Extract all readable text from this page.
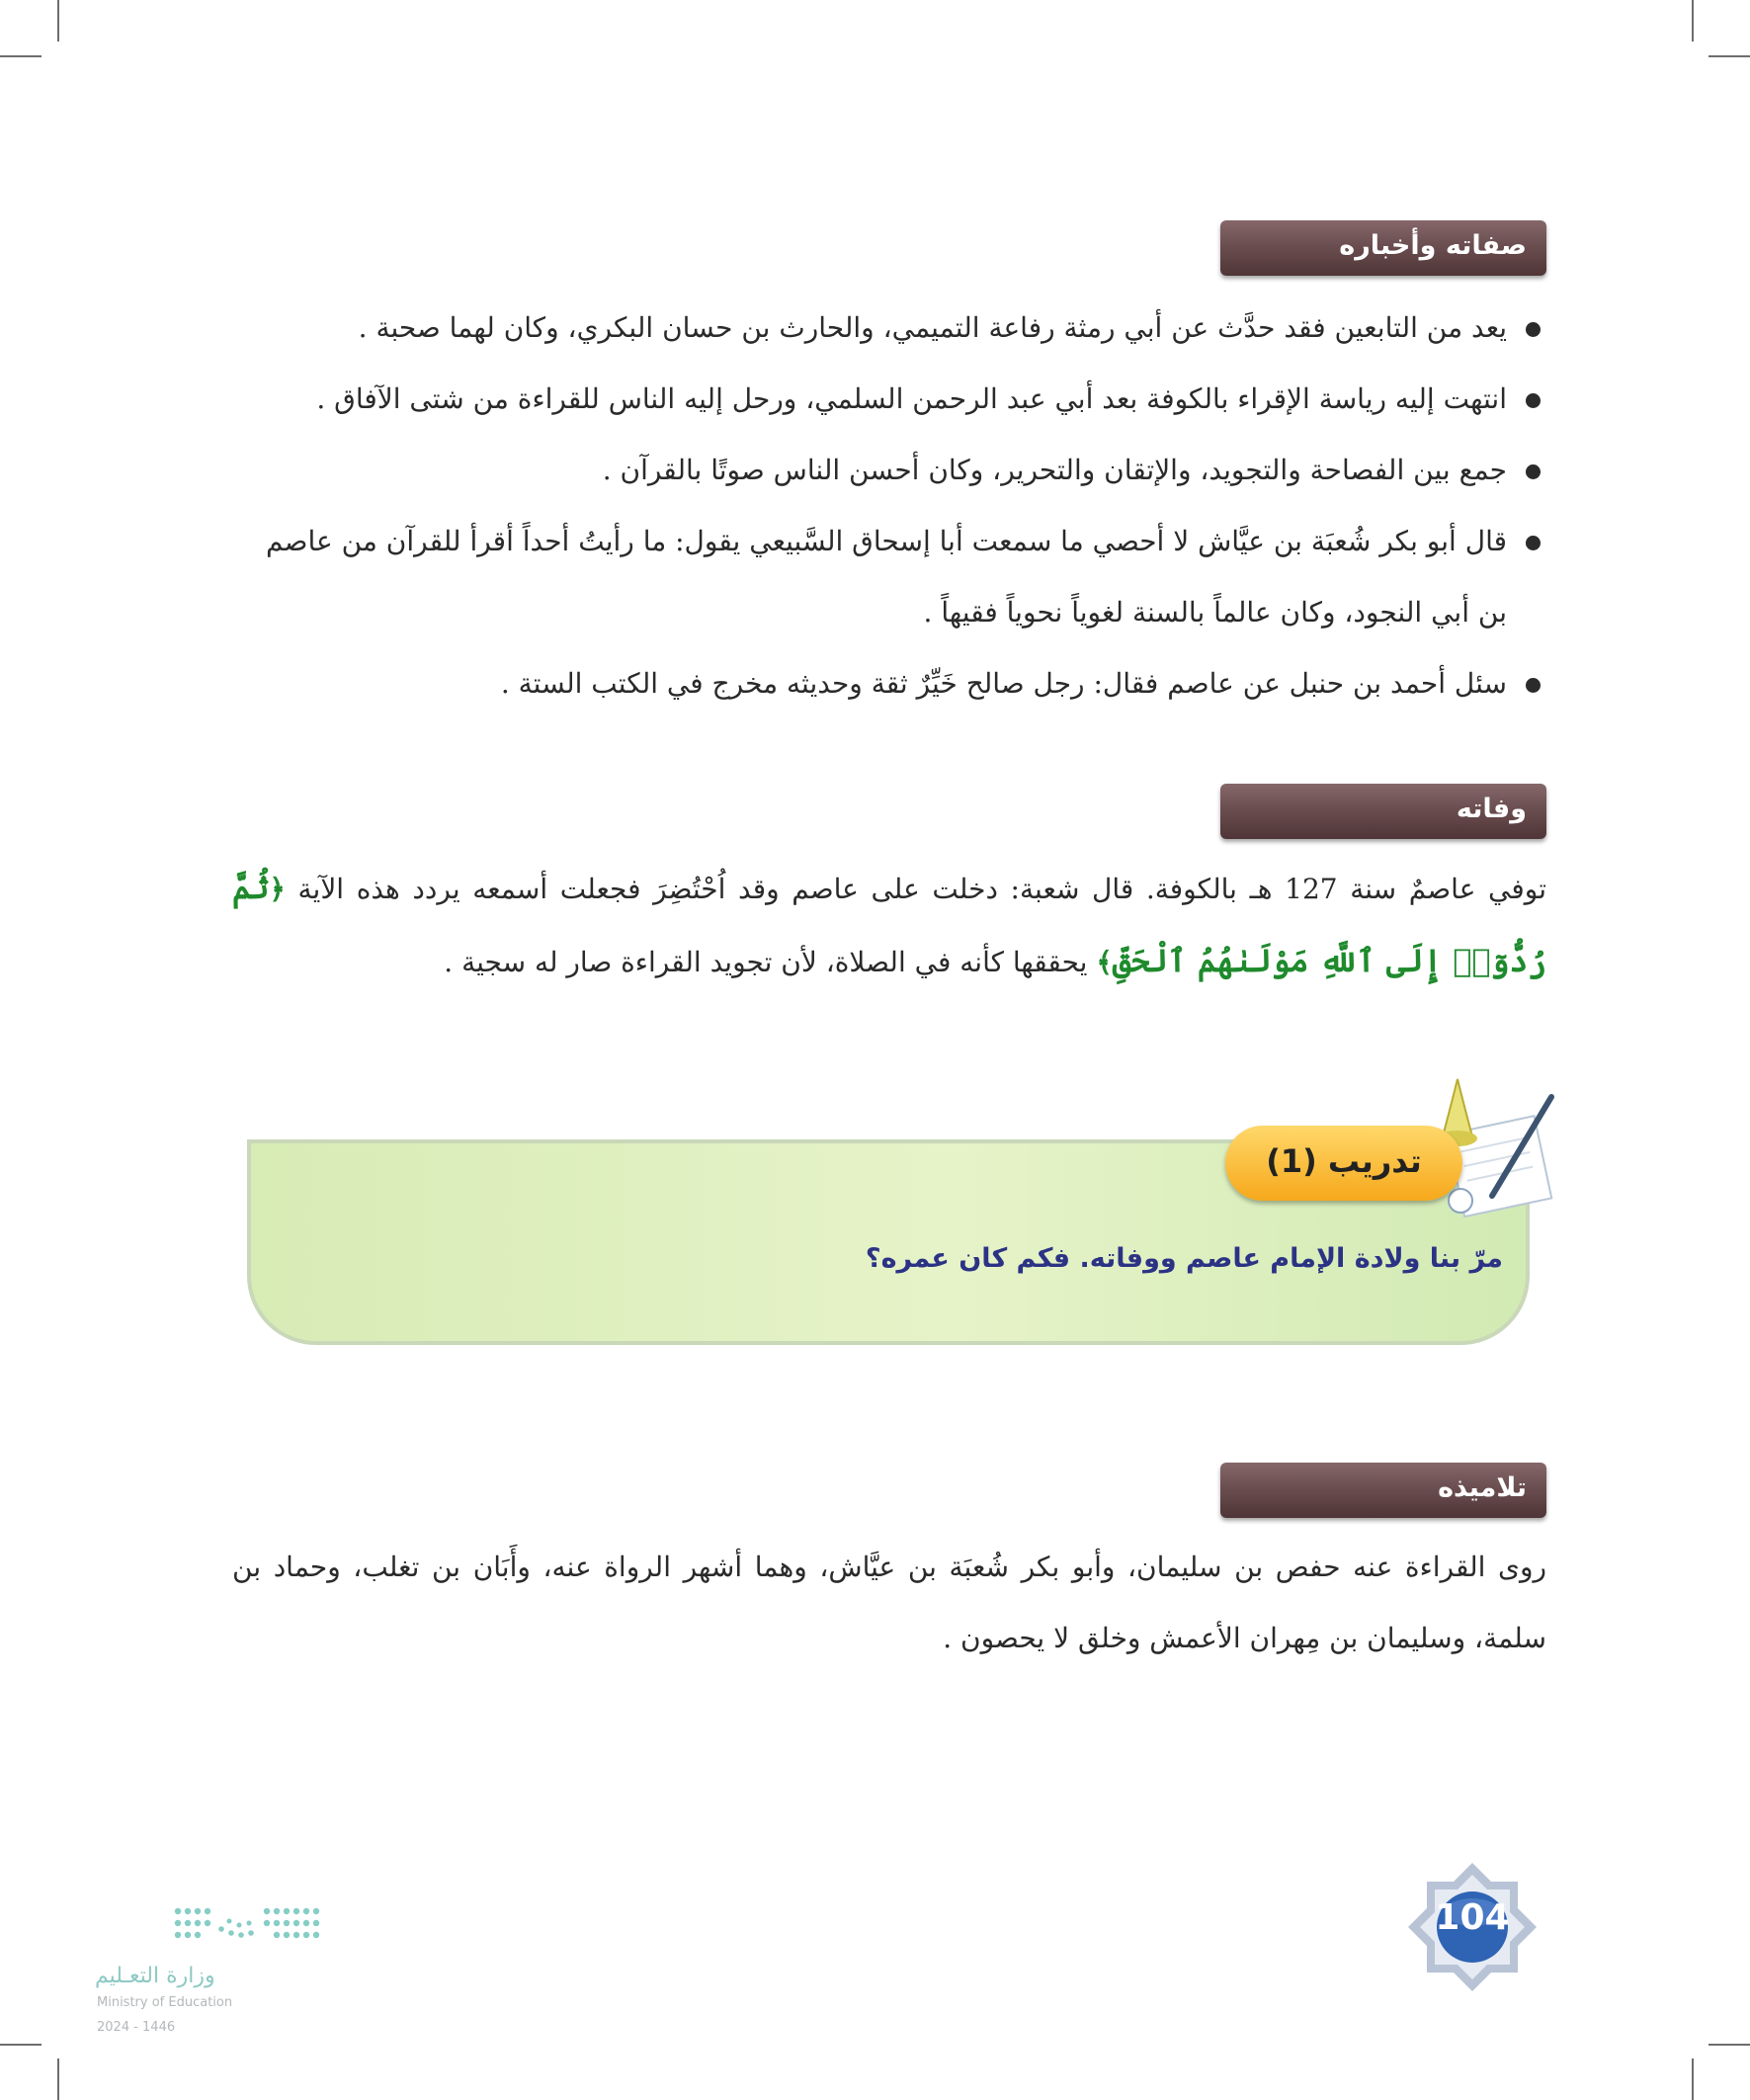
صفاته وأخباره
يعد من التابعين فقد حدَّث عن أبي رمثة رفاعة التميمي، والحارث بن حسان البكري، وكان لهما صحبة .
انتهت إليه رياسة الإقراء بالكوفة بعد أبي عبد الرحمن السلمي، ورحل إليه الناس للقراءة من شتى الآفاق .
جمع بين الفصاحة والتجويد، والإتقان والتحرير، وكان أحسن الناس صوتًا بالقرآن .
قال أبو بكر شُعبَة بن عيَّاش لا أحصي ما سمعت أبا إسحاق السَّبيعي يقول: ما رأيتُ أحداً أقرأ للقرآن من عاصم بن أبي النجود، وكان عالماً بالسنة لغوياً نحوياً فقيهاً .
سئل أحمد بن حنبل عن عاصم فقال: رجل صالح خَيِّرٌ ثقة وحديثه مخرج في الكتب الستة .
وفاته

توفي عاصمٌ سنة 127 هـ بالكوفة. قال شعبة: دخلت على عاصم وقد اُحْتُضِرَ فجعلت أسمعه يردد هذه الآية ﴿ثُمَّ رُدُّوٓا۟ إِلَى ٱللَّهِ مَوْلَىٰهُمُ ٱلْحَقِّ﴾ يحققها كأنه في الصلاة، لأن تجويد القراءة صار له سجية .

تدريب (1)
مرّ بنا ولادة الإمام عاصم ووفاته. فكم كان عمره؟
تلاميذه

روى القراءة عنه حفص بن سليمان، وأبو بكر شُعبَة بن عيَّاش، وهما أشهر الرواة عنه، وأَبَان بن تغلب، وحماد بن سلمة، وسليمان بن مِهران الأعمش وخلق لا يحصون .

104
وزارة التعـليم
Ministry of Education
2024 - 1446
